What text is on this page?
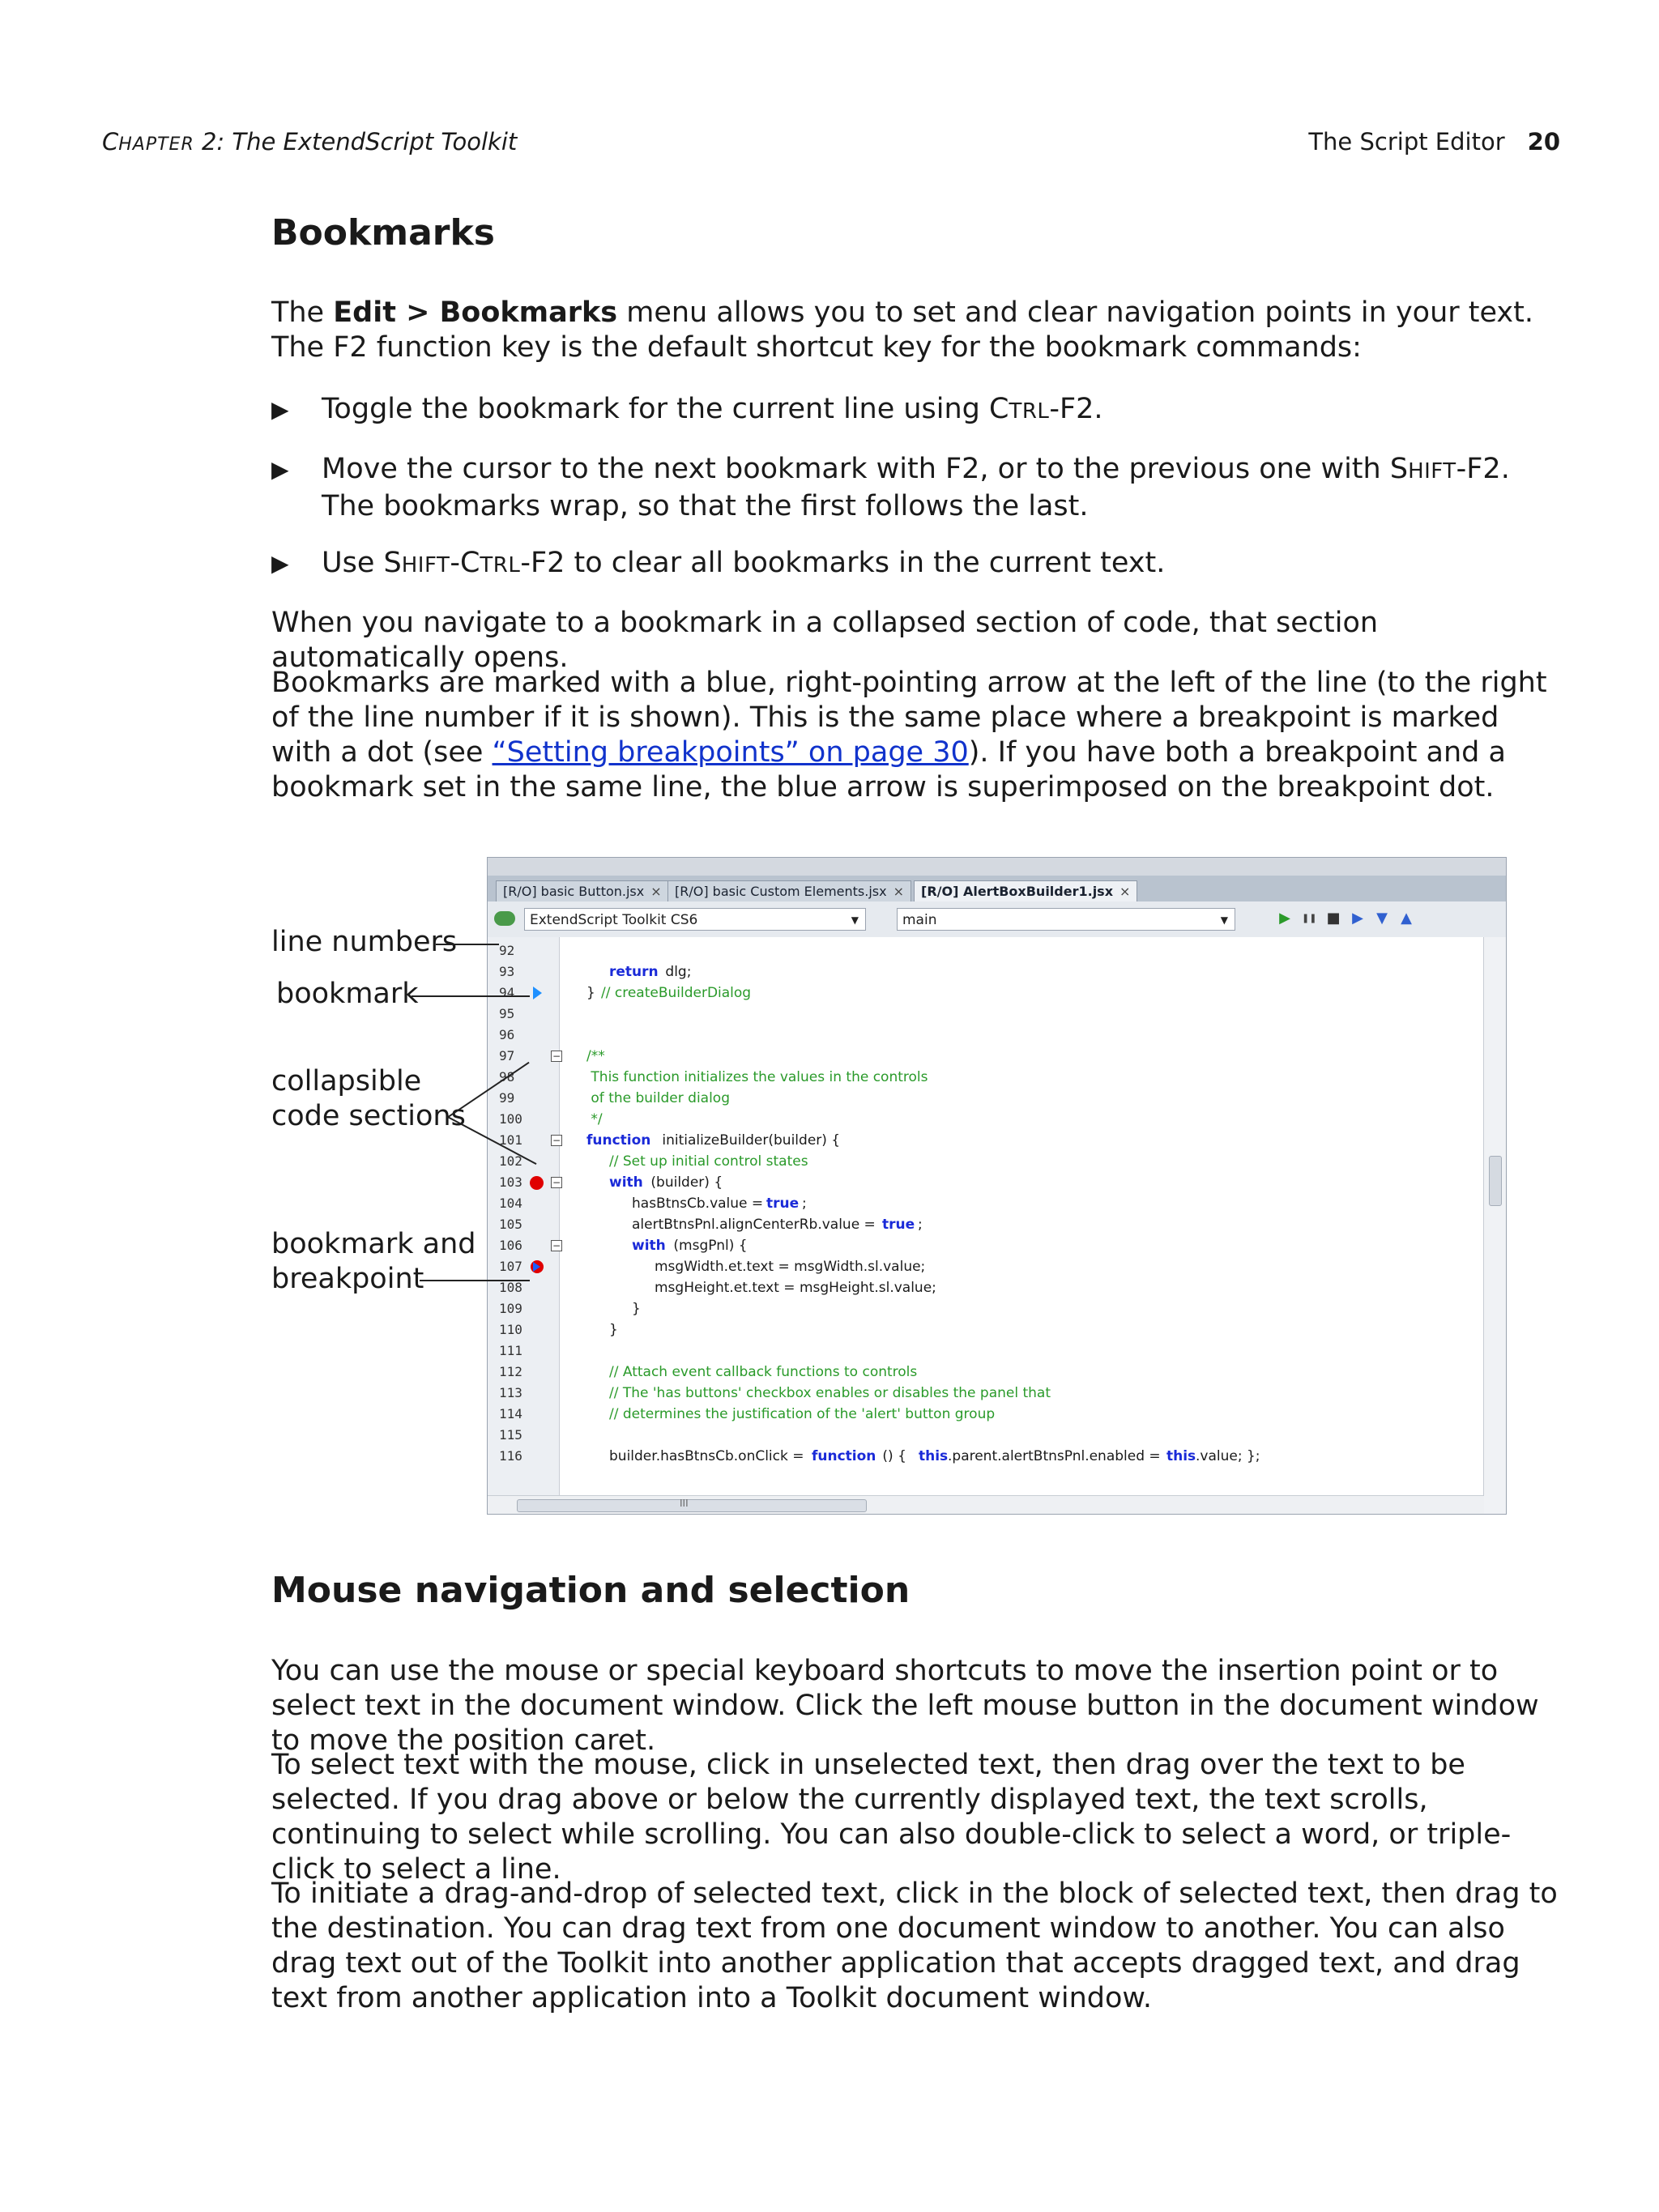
CHAPTER 2: The ExtendScript Toolkit	The Script Editor 20
Bookmarks

The Edit > Bookmarks menu allows you to set and clear navigation points in your text. The F2 function key is the default shortcut key for the bookmark commands:

▶ Toggle the bookmark for the current line using CTRL-F2.
▶ Move the cursor to the next bookmark with F2, or to the previous one with SHIFT-F2. The bookmarks wrap, so that the first follows the last.
▶ Use SHIFT-CTRL-F2 to clear all bookmarks in the current text.

When you navigate to a bookmark in a collapsed section of code, that section automatically opens.

Bookmarks are marked with a blue, right-pointing arrow at the left of the line (to the right of the line number if it is shown). This is the same place where a breakpoint is marked with a dot (see “Setting breakpoints” on page 30). If you have both a breakpoint and a bookmark set in the same line, the blue arrow is superimposed on the breakpoint dot.

[R/O] basic Button.jsx ×	[R/O] basic Custom Elements.jsx ×	[R/O] AlertBoxBuilder1.jsx ×
ExtendScript Toolkit CS6	▼	main	▼	▶ ❚❚ ■ ▶ ▼ ▲
92
93	return dlg;
94	} // createBuilderDialog
95
96
97	− /**
98	This function initializes the values in the controls
99	of the builder dialog
100	*/
101	− function initializeBuilder(builder) {
102	// Set up initial control states
103	−	with (builder) {
104	hasBtnsCb.value =
true ;
105	alertBtnsPnl.alignCenterRb.value = true ;
106	−	with (msgPnl) {
107	msgWidth.et.text = msgWidth.sl.value;
108	msgHeight.et.text = msgHeight.sl.value;
109	}
110	}
111
112	// Attach event callback functions to controls
113	// The 'has buttons' checkbox enables or disables the panel that
114	// determines the justification of the 'alert' button group
115
116	builder.hasBtnsCb.onClick = function () { this .parent.alertBtnsPnl.enabled = this .value; };
III
line numbers
bookmark
collapsible
code sections
bookmark and
breakpoint
Mouse navigation and selection

You can use the mouse or special keyboard shortcuts to move the insertion point or to select text in the document window. Click the left mouse button in the document window to move the position caret.

To select text with the mouse, click in unselected text, then drag over the text to be selected. If you drag above or below the currently displayed text, the text scrolls, continuing to select while scrolling. You can also double-click to select a word, or triple-click to select a line.

To initiate a drag-and-drop of selected text, click in the block of selected text, then drag to the destination. You can drag text from one document window to another. You can also drag text out of the Toolkit into another application that accepts dragged text, and drag text from another application into a Toolkit document window.
